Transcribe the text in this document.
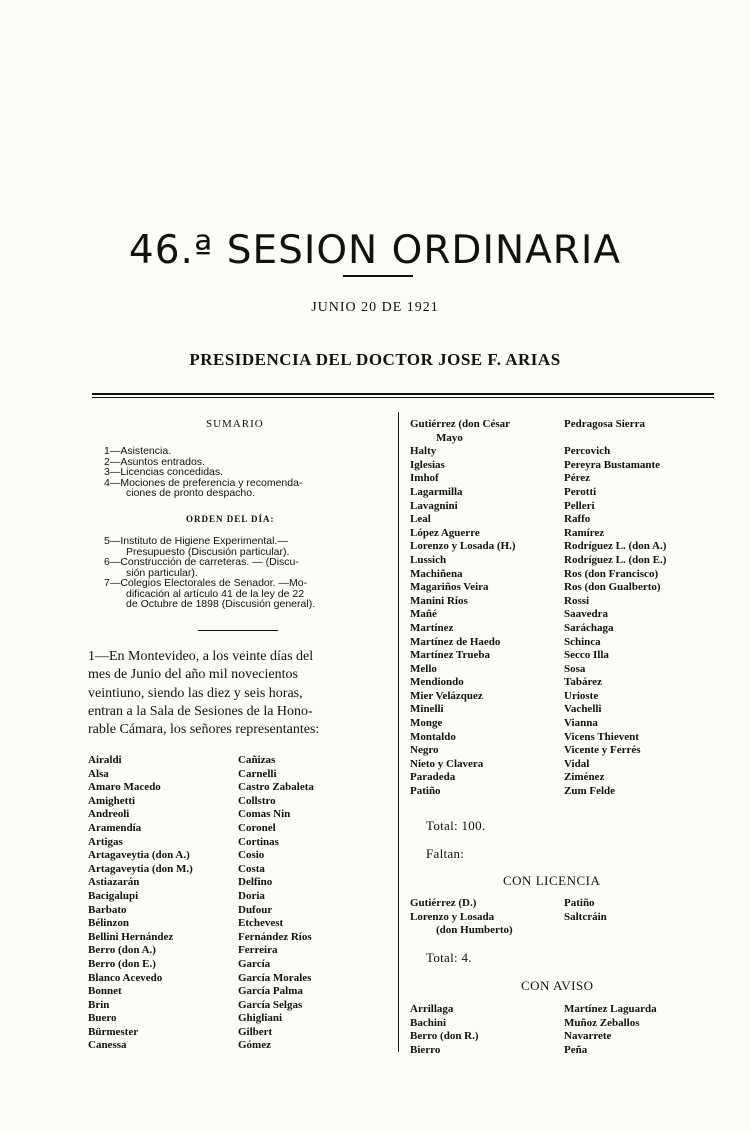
46.ª SESION ORDINARIA
JUNIO 20 DE 1921
PRESIDENCIA DEL DOCTOR JOSE F. ARIAS
SUMARIO
1—Asistencia.
2—Asuntos entrados.
3—Licencias concedidas.
4—Mociones de preferencia y recomenda-
ciones de pronto despacho.
ORDEN DEL DÍA:
5—Instituto de Higiene Experimental.—
Presupuesto (Discusión particular).
6—Construcción de carreteras. — (Discu-
sión particular).
7—Colegios Electorales de Senador. —Mo-
dificación al artículo 41 de la ley de 22
de Octubre de 1898 (Discusión general).
1—En Montevideo, a los veinte días del
mes de Junio del año mil novecientos
veintiuno, siendo las diez y seis horas,
entran a la Sala de Sesiones de la Hono-
rable Cámara, los señores representantes:
Airaldi
Alsa
Amaro Macedo
Amighetti
Andreoli
Aramendía
Artigas
Artagaveytia (don A.)
Artagaveytia (don M.)
Astiazarán
Bacigalupi
Barbato
Bélinzon
Bellini Hernández
Berro (don A.)
Berro (don E.)
Blanco Acevedo
Bonnet
Brin
Buero
Bürmester
Canessa
Cañizas
Carnelli
Castro Zabaleta
Collstro
Comas Nin
Coronel
Cortinas
Cosio
Costa
Delfino
Doria
Dufour
Etchevest
Fernández Ríos
Ferreira
García
García Morales
García Palma
García Selgas
Ghigliani
Gilbert
Gómez
Gutiérrez (don César
Mayo
Halty
Iglesias
Imhof
Lagarmilla
Lavagnini
Leal
López Aguerre
Lorenzo y Losada (H.)
Lussich
Machiñena
Magariños Veira
Manini Ríos
Mañé
Martínez
Martínez de Haedo
Martínez Trueba
Mello
Mendiondo
Mier Velázquez
Minelli
Monge
Montaldo
Negro
Nieto y Clavera
Paradeda
Patiño
Pedragosa Sierra
Percovich
Pereyra Bustamante
Pérez
Perotti
Pelleri
Raffo
Ramírez
Rodríguez L. (don A.)
Rodríguez L. (don E.)
Ros (don Francisco)
Ros (don Gualberto)
Rossi
Saavedra
Saráchaga
Schinca
Secco Illa
Sosa
Tabárez
Urioste
Vachelli
Vianna
Vicens Thievent
Vicente y Ferrés
Vidal
Ziménez
Zum Felde
Total: 100.
Faltan:
CON LICENCIA
Gutiérrez (D.)
Lorenzo y Losada
(don Humberto)
Patiño
Saltcráin
Total: 4.
CON AVISO
Arrillaga
Bachini
Berro (don R.)
Bierro
Martínez Laguarda
Muñoz Zeballos
Navarrete
Peña
